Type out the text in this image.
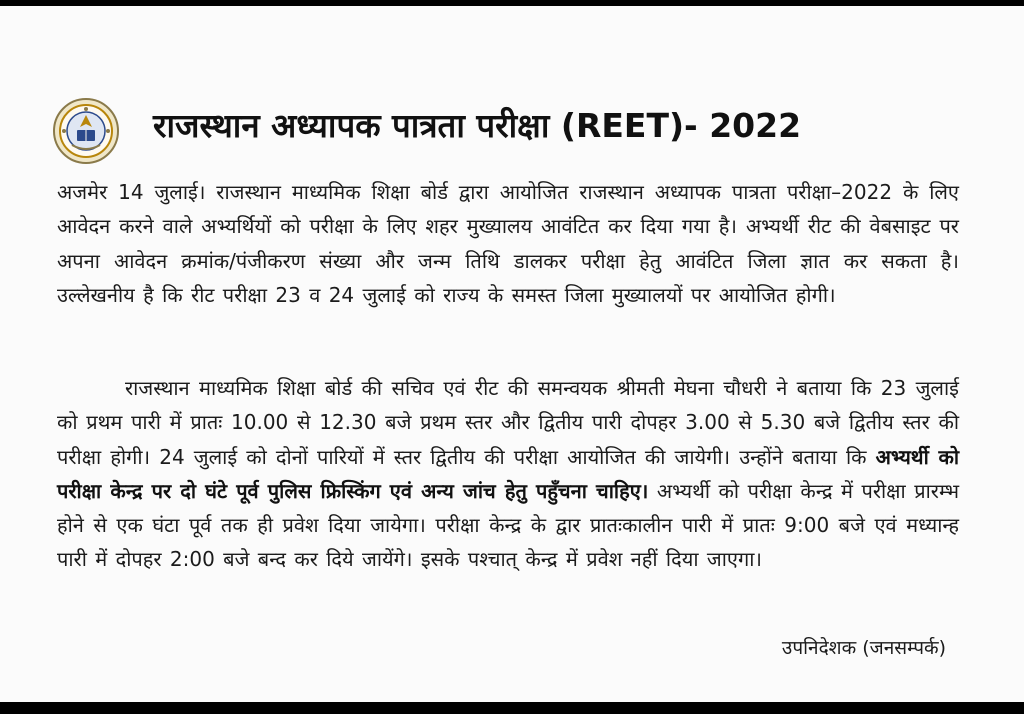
राजस्थान अध्यापक पात्रता परीक्षा (REET)- 2022
अजमेर 14 जुलाई। राजस्थान माध्यमिक शिक्षा बोर्ड द्वारा आयोजित राजस्थान अध्यापक पात्रता परीक्षा–2022 के लिए आवेदन करने वाले अभ्यर्थियों को परीक्षा के लिए शहर मुख्यालय आवंटित कर दिया गया है। अभ्यर्थी रीट की वेबसाइट पर अपना आवेदन क्रमांक/पंजीकरण संख्या और जन्म तिथि डालकर परीक्षा हेतु आवंटित जिला ज्ञात कर सकता है। उल्लेखनीय है कि रीट परीक्षा 23 व 24 जुलाई को राज्य के समस्त जिला मुख्यालयों पर आयोजित होगी।
राजस्थान माध्यमिक शिक्षा बोर्ड की सचिव एवं रीट की समन्वयक श्रीमती मेघना चौधरी ने बताया कि 23 जुलाई को प्रथम पारी में प्रातः 10.00 से 12.30 बजे प्रथम स्तर और द्वितीय पारी दोपहर 3.00 से 5.30 बजे द्वितीय स्तर की परीक्षा होगी। 24 जुलाई को दोनों पारियों में स्तर द्वितीय की परीक्षा आयोजित की जायेगी। उन्होंने बताया कि अभ्यर्थी को परीक्षा केन्द्र पर दो घंटे पूर्व पुलिस फ्रिस्किंग एवं अन्य जांच हेतु पहुँचना चाहिए। अभ्यर्थी को परीक्षा केन्द्र में परीक्षा प्रारम्भ होने से एक घंटा पूर्व तक ही प्रवेश दिया जायेगा। परीक्षा केन्द्र के द्वार प्रातःकालीन पारी में प्रातः 9:00 बजे एवं मध्यान्ह पारी में दोपहर 2:00 बजे बन्द कर दिये जायेंगे। इसके पश्चात् केन्द्र में प्रवेश नहीं दिया जाएगा।
उपनिदेशक (जनसम्पर्क)
